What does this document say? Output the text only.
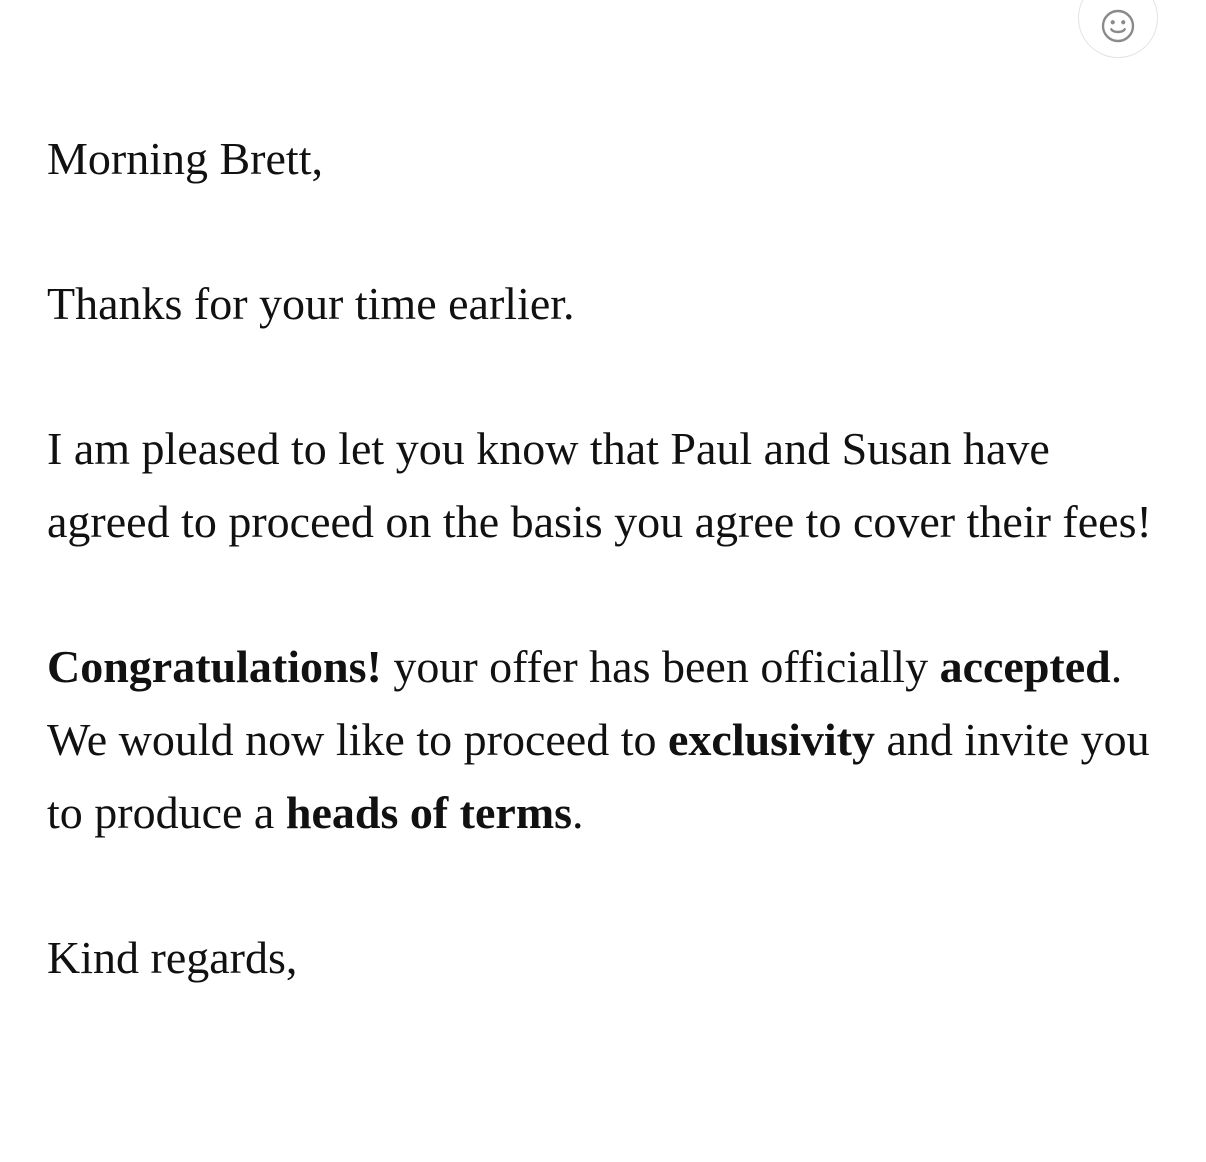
Morning Brett,

Thanks for your time earlier.

I am pleased to let you know that Paul and Susan have agreed to proceed on the basis you agree to cover their fees!

Congratulations! your offer has been officially accepted. We would now like to proceed to exclusivity and invite you to produce a heads of terms.

Kind regards,
